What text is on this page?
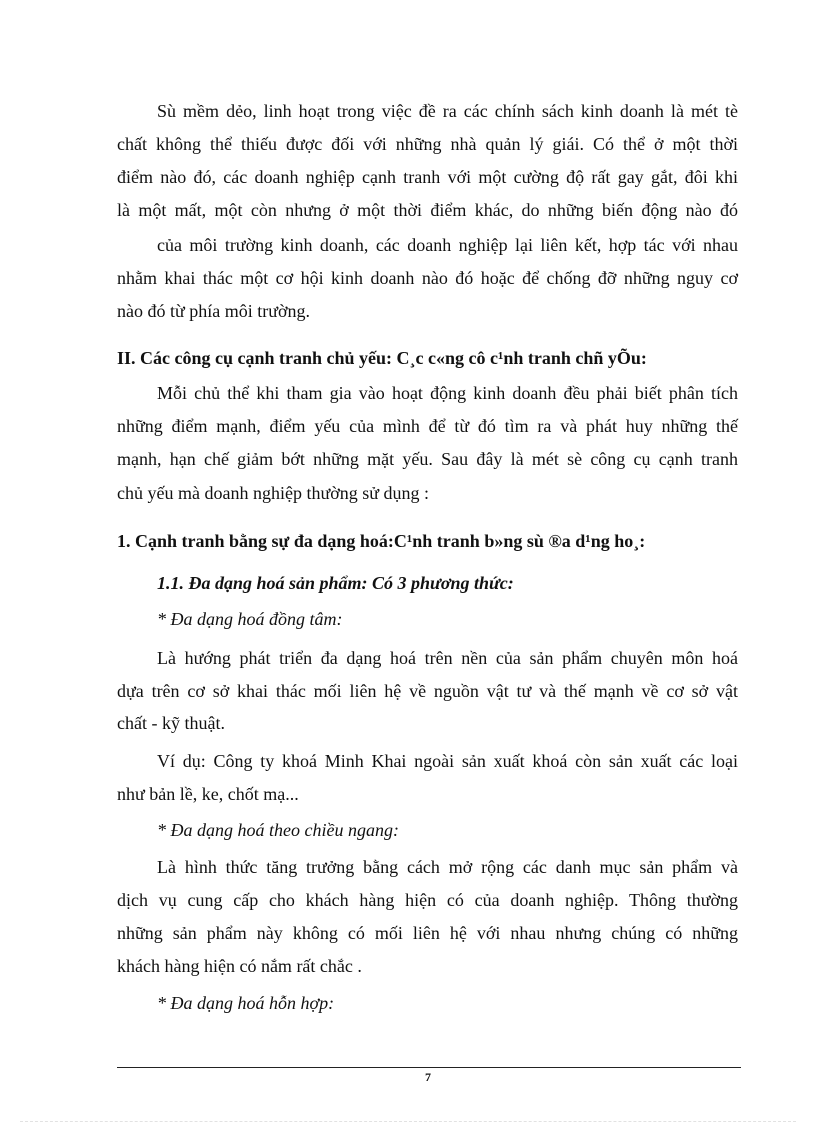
Sù mềm dẻo, linh hoạt trong việc đề ra các chính sách kinh doanh là mét tè
chất không thể thiếu được đối với những nhà quản lý giái. Có thể ở một thời
điểm nào đó, các doanh nghiệp cạnh tranh với một cường độ rất gay gắt, đôi khi
là một mất, một còn nhưng ở một thời điểm khác, do những biến động nào đó
của môi trường kinh doanh, các doanh nghiệp lại liên kết, hợp tác với nhau
nhằm khai thác một cơ hội kinh doanh nào đó hoặc để chống đỡ những nguy cơ
nào đó từ phía môi trường.
II. Các công cụ cạnh tranh chủ yếu: C¸c c«ng cô c¹nh tranh chñ yÕu:
Mỗi chủ thể khi tham gia vào hoạt động kinh doanh đều phải biết phân tích
những điểm mạnh, điểm yếu của mình để từ đó tìm ra và phát huy những thế
mạnh, hạn chế giảm bớt những mặt yếu. Sau đây là mét sè công cụ cạnh tranh
chủ yếu mà doanh nghiệp thường sử dụng :
1. Cạnh tranh bằng sự đa dạng hoá:C¹nh tranh b»ng sù ®a d¹ng ho¸:
1.1. Đa dạng hoá sản phẩm: Có 3 phương thức:
* Đa dạng hoá đồng tâm:
Là hướng phát triển đa dạng hoá trên nền của sản phẩm chuyên môn hoá
dựa trên cơ sở khai thác mối liên hệ về nguồn vật tư và thế mạnh về cơ sở vật
chất - kỹ thuật.
Ví dụ: Công ty khoá Minh Khai ngoài sản xuất khoá còn sản xuất các loại
như bản lề, ke, chốt mạ...
* Đa dạng hoá theo chiều ngang:
Là hình thức tăng trưởng bằng cách mở rộng các danh mục sản phẩm và
dịch vụ cung cấp cho khách hàng hiện có của doanh nghiệp. Thông thường
những sản phẩm này không có mối liên hệ với nhau nhưng chúng có những
khách hàng hiện có nắm rất chắc .
* Đa dạng hoá hỗn hợp:
7
